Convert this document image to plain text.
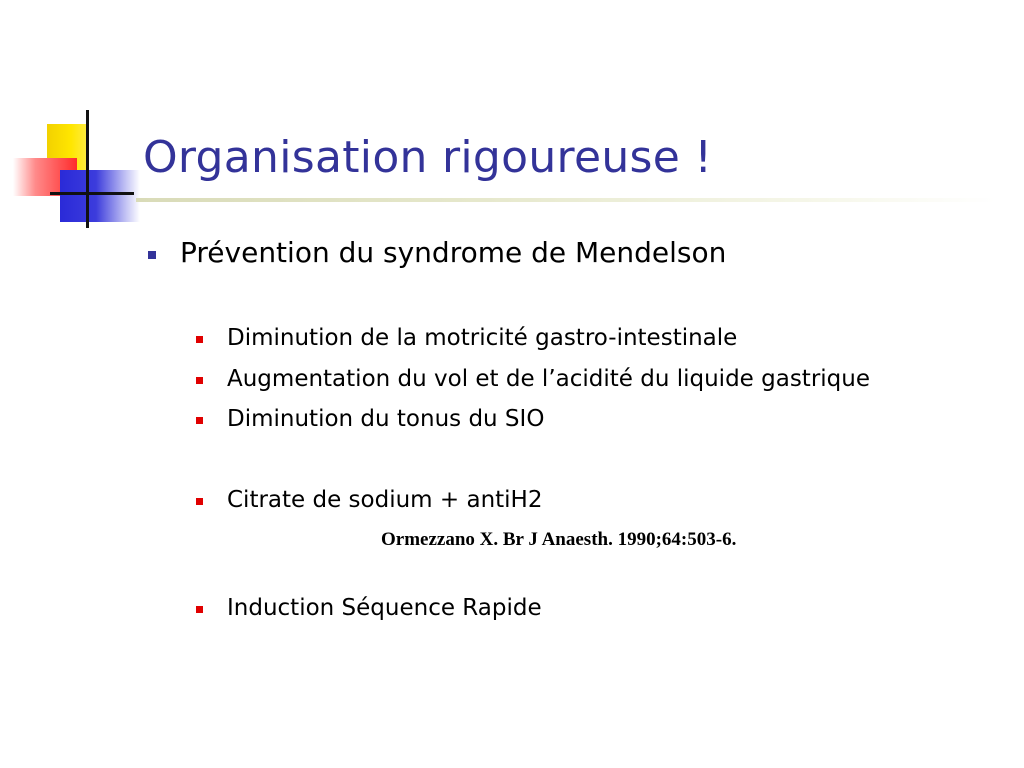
Organisation rigoureuse !
Prévention du syndrome de Mendelson
Diminution de la motricité gastro-intestinale
Augmentation du vol et de l’acidité du liquide gastrique
Diminution du tonus du SIO
Citrate de sodium + antiH2
Ormezzano X. Br J Anaesth. 1990;64:503-6.
Induction Séquence Rapide
